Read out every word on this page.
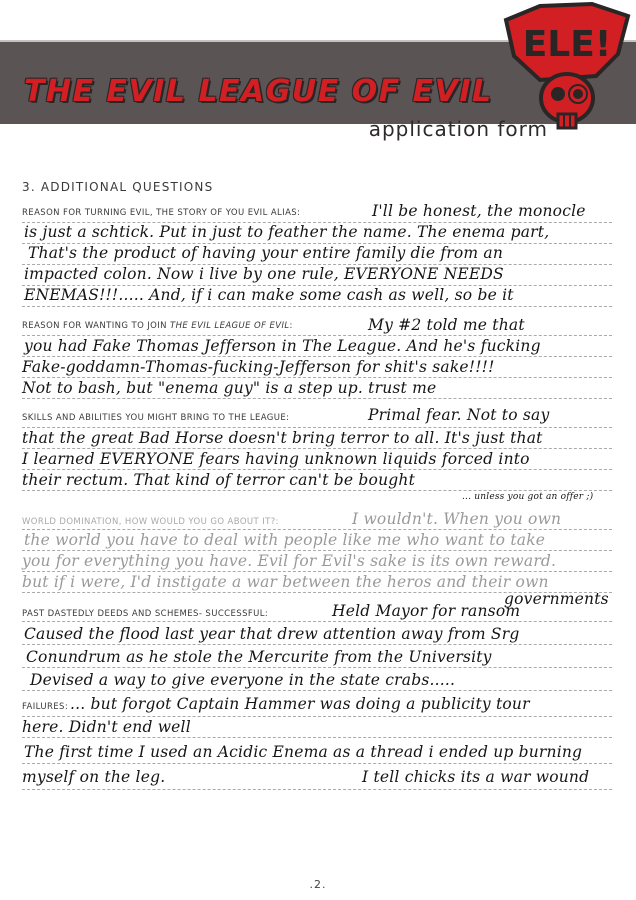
THE EVIL LEAGUE OF EVIL
application form
ELE!
3. ADDITIONAL QUESTIONS
REASON FOR TURNING EVIL, THE STORY OF YOU EVIL ALIAS:	I'll be honest, the monocle
is just a schtick. Put in just to feather the name. The enema part,
That's the product of having your entire family die from an
impacted colon. Now i live by one rule, EVERYONE NEEDS
ENEMAS!!!..... And, if i can make some cash as well, so be it
REASON FOR WANTING TO JOIN THE EVIL LEAGUE OF EVIL:	My #2 told me that
you had Fake Thomas Jefferson in The League. And he's fucking
Fake-goddamn-Thomas-fucking-Jefferson for shit's sake!!!!
Not to bash, but "enema guy" is a step up. trust me
SKILLS AND ABILITIES YOU MIGHT BRING TO THE LEAGUE:	Primal fear. Not to say
that the great Bad Horse doesn't bring terror to all. It's just that
I learned EVERYONE fears having unknown liquids forced into
their rectum. That kind of terror can't be bought
... unless you got an offer ;)
WORLD DOMINATION, HOW WOULD YOU GO ABOUT IT?:	I wouldn't. When you own
the world you have to deal with people like me who want to take
you for everything you have. Evil for Evil's sake is its own reward.
but if i were, I'd instigate a war between the heros and their own
governments
PAST DASTEDLY DEEDS AND SCHEMES- SUCCESSFUL:	Held Mayor for ransom
Caused the flood last year that drew attention away from Srg
Conundrum as he stole the Mercurite from the University
Devised a way to give everyone in the state crabs.....
FAILURES: ... but forgot Captain Hammer was doing a publicity tour
here. Didn't end well
The first time I used an Acidic Enema as a thread i ended up burning
myself on the leg.	I tell chicks its a war wound
.2.
